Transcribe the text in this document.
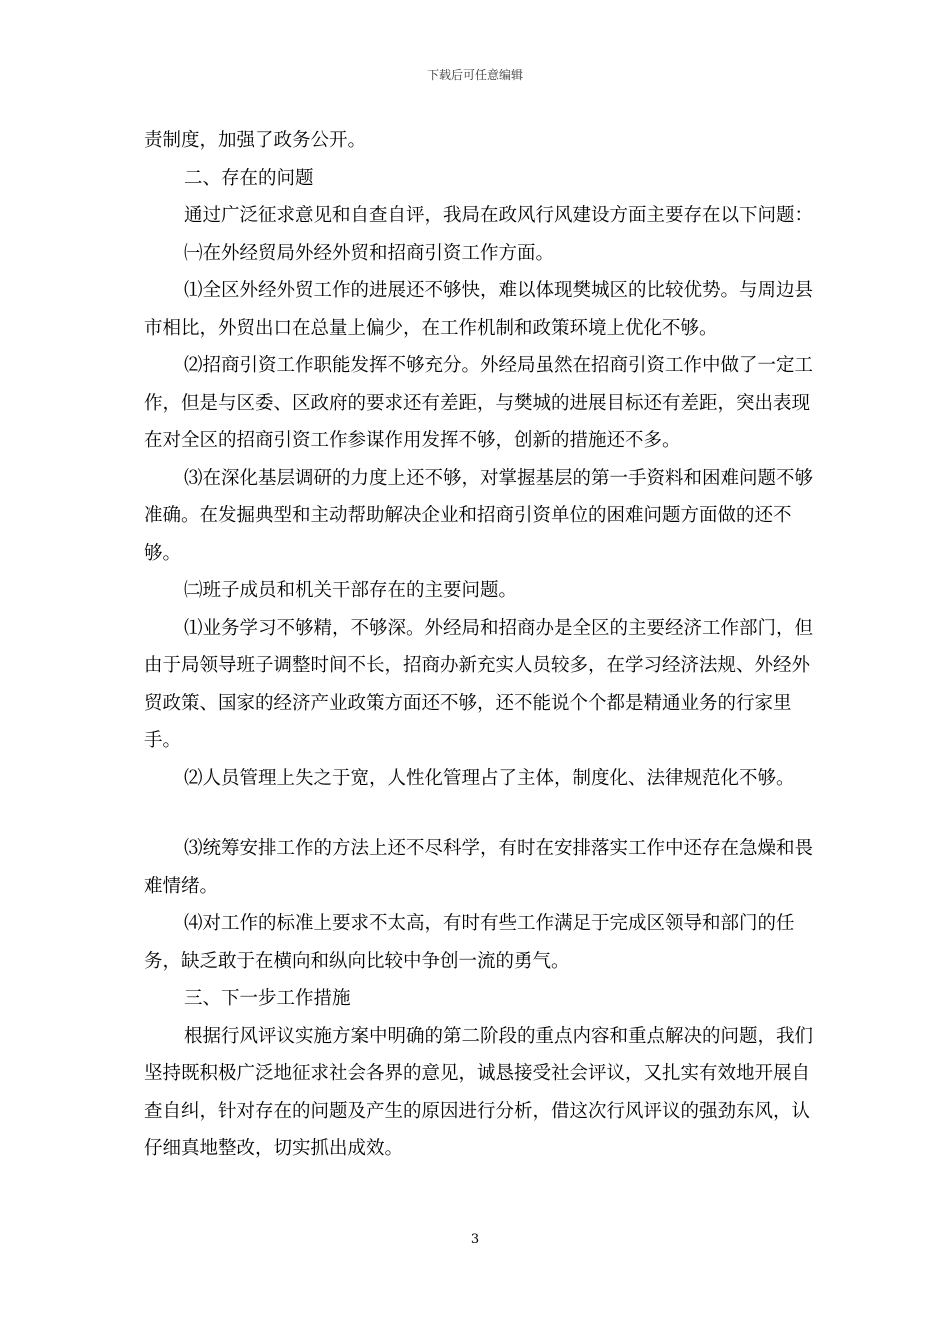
下载后可任意编辑

责制度，加强了政务公开。

二、存在的问题

通过广泛征求意见和自查自评，我局在政风行风建设方面主要存在以下问题：

㈠在外经贸局外经外贸和招商引资工作方面。

⑴全区外经外贸工作的进展还不够快，难以体现樊城区的比较优势。与周边县市相比，外贸出口在总量上偏少，在工作机制和政策环境上优化不够。

⑵招商引资工作职能发挥不够充分。外经局虽然在招商引资工作中做了一定工作，但是与区委、区政府的要求还有差距，与樊城的进展目标还有差距，突出表现在对全区的招商引资工作参谋作用发挥不够，创新的措施还不多。

⑶在深化基层调研的力度上还不够，对掌握基层的第一手资料和困难问题不够准确。在发掘典型和主动帮助解决企业和招商引资单位的困难问题方面做的还不够。

㈡班子成员和机关干部存在的主要问题。

⑴业务学习不够精，不够深。外经局和招商办是全区的主要经济工作部门，但由于局领导班子调整时间不长，招商办新充实人员较多，在学习经济法规、外经外贸政策、国家的经济产业政策方面还不够，还不能说个个都是精通业务的行家里手。

⑵人员管理上失之于宽，人性化管理占了主体，制度化、法律规范化不够。

⑶统筹安排工作的方法上还不尽科学，有时在安排落实工作中还存在急燥和畏难情绪。

⑷对工作的标准上要求不太高，有时有些工作满足于完成区领导和部门的任务，缺乏敢于在横向和纵向比较中争创一流的勇气。

三、下一步工作措施

根据行风评议实施方案中明确的第二阶段的重点内容和重点解决的问题，我们坚持既积极广泛地征求社会各界的意见，诚恳接受社会评议，又扎实有效地开展自查自纠，针对存在的问题及产生的原因进行分析，借这次行风评议的强劲东风，认仔细真地整改，切实抓出成效。

3
